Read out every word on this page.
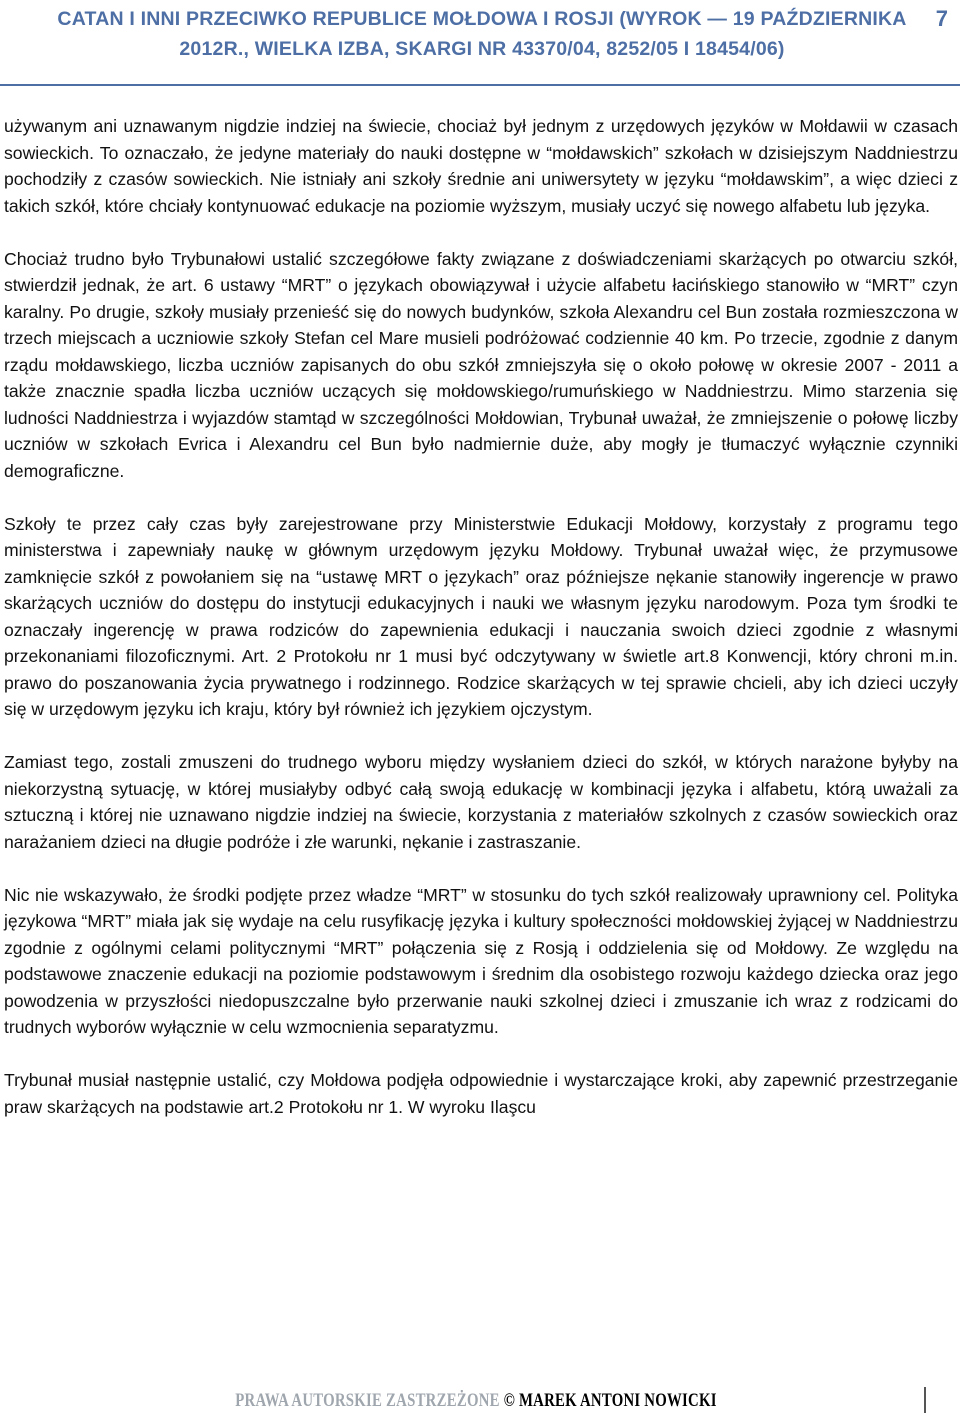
CATAN I INNI PRZECIWKO REPUBLICE MOŁDOWA I ROSJI (WYROK — 19 PAŹDZIERNIKA 2012R., WIELKA IZBA, SKARGI NR 43370/04, 8252/05 I 18454/06)
7

używanym ani uznawanym nigdzie indziej na świecie, chociaż był jednym z urzędowych języków w Mołdawii w czasach sowieckich. To oznaczało, że jedyne materiały do nauki dostępne w “mołdawskich” szkołach w dzisiejszym Naddniestrzu pochodziły z czasów sowieckich. Nie istniały ani szkoły średnie ani uniwersytety w języku “mołdawskim”, a więc dzieci z takich szkół, które chciały kontynuować edukacje na poziomie wyższym, musiały uczyć się nowego alfabetu lub języka.

Chociaż trudno było Trybunałowi ustalić szczegółowe fakty związane z doświadczeniami skarżących po otwarciu szkół, stwierdził jednak, że art. 6 ustawy “MRT” o językach obowiązywał i użycie alfabetu łacińskiego stanowiło w “MRT” czyn karalny. Po drugie, szkoły musiały przenieść się do nowych budynków, szkoła Alexandru cel Bun została rozmieszczona w trzech miejscach a uczniowie szkoły Stefan cel Mare musieli podróżować codziennie 40 km. Po trzecie, zgodnie z danym rządu mołdawskiego, liczba uczniów zapisanych do obu szkół zmniejszyła się o około połowę w okresie 2007 - 2011 a także znacznie spadła liczba uczniów uczących się mołdowskiego/rumuńskiego w Naddniestrzu. Mimo starzenia się ludności Naddniestrza i wyjazdów stamtąd w szczególności Mołdowian, Trybunał uważał, że zmniejszenie o połowę liczby uczniów w szkołach Evrica i Alexandru cel Bun było nadmiernie duże, aby mogły je tłumaczyć wyłącznie czynniki demograficzne.

Szkoły te przez cały czas były zarejestrowane przy Ministerstwie Edukacji Mołdowy, korzystały z programu tego ministerstwa i zapewniały naukę w głównym urzędowym języku Mołdowy. Trybunał uważał więc, że przymusowe zamknięcie szkół z powołaniem się na “ustawę MRT o językach” oraz późniejsze nękanie stanowiły ingerencje w prawo skarżących uczniów do dostępu do instytucji edukacyjnych i nauki we własnym języku narodowym. Poza tym środki te oznaczały ingerencję w prawa rodziców do zapewnienia edukacji i nauczania swoich dzieci zgodnie z własnymi przekonaniami filozoficznymi. Art. 2 Protokołu nr 1 musi być odczytywany w świetle art.8 Konwencji, który chroni m.in. prawo do poszanowania życia prywatnego i rodzinnego. Rodzice skarżących w tej sprawie chcieli, aby ich dzieci uczyły się w urzędowym języku ich kraju, który był również ich językiem ojczystym.

Zamiast tego, zostali zmuszeni do trudnego wyboru między wysłaniem dzieci do szkół, w których narażone byłyby na niekorzystną sytuację, w której musiałyby odbyć całą swoją edukację w kombinacji języka i alfabetu, którą uważali za sztuczną i której nie uznawano nigdzie indziej na świecie, korzystania z materiałów szkolnych z czasów sowieckich oraz narażaniem dzieci na długie podróże i złe warunki, nękanie i zastraszanie.

Nic nie wskazywało, że środki podjęte przez władze “MRT” w stosunku do tych szkół realizowały uprawniony cel. Polityka językowa “MRT” miała jak się wydaje na celu rusyfikację języka i kultury społeczności mołdowskiej żyjącej w Naddniestrzu zgodnie z ogólnymi celami politycznymi “MRT” połączenia się z Rosją i oddzielenia się od Mołdowy. Ze względu na podstawowe znaczenie edukacji na poziomie podstawowym i średnim dla osobistego rozwoju każdego dziecka oraz jego powodzenia w przyszłości niedopuszczalne było przerwanie nauki szkolnej dzieci i zmuszanie ich wraz z rodzicami do trudnych wyborów wyłącznie w celu wzmocnienia separatyzmu.

Trybunał musiał następnie ustalić, czy Mołdowa podjęła odpowiednie i wystarczające kroki, aby zapewnić przestrzeganie praw skarżących na podstawie art.2 Protokołu nr 1. W wyroku Ilaşcu

PRAWA AUTORSKIE ZASTRZEŻONE © MAREK ANTONI NOWICKI
